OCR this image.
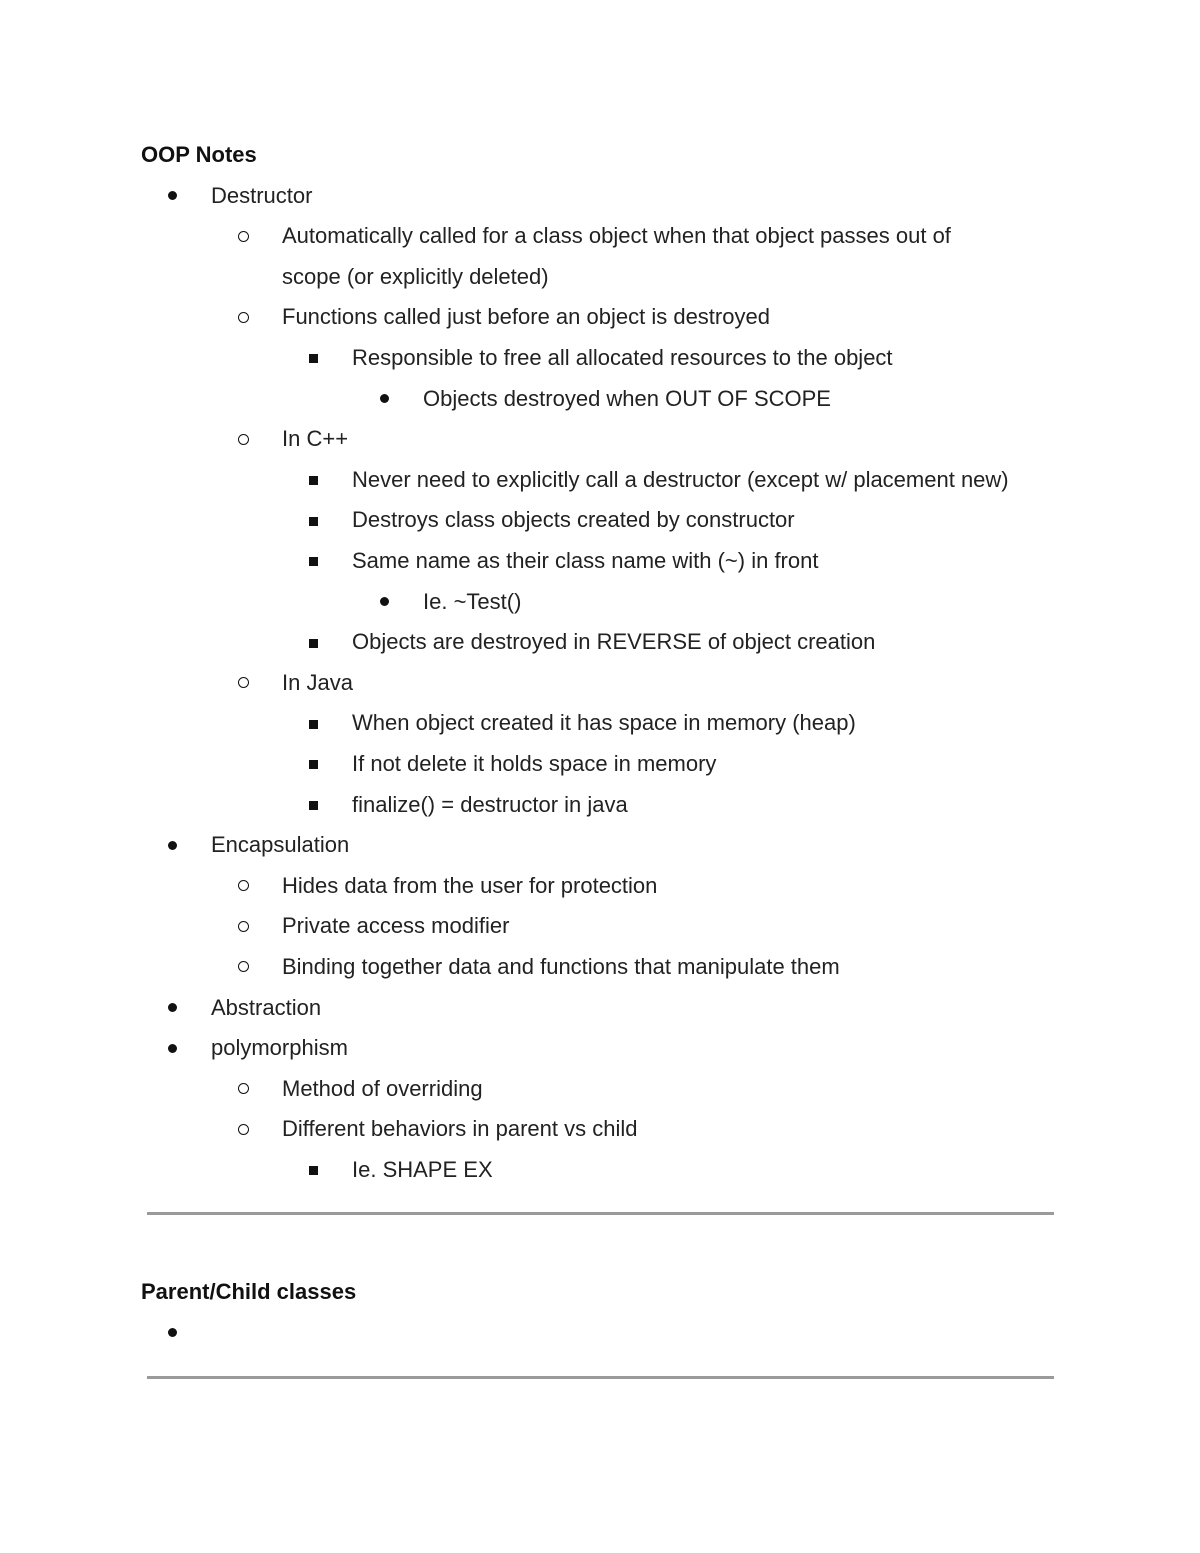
OOP Notes
Destructor
Automatically called for a class object when that object passes out of
scope (or explicitly deleted)
Functions called just before an object is destroyed
Responsible to free all allocated resources to the object
Objects destroyed when OUT OF SCOPE
In C++
Never need to explicitly call a destructor (except w/ placement new)
Destroys class objects created by constructor
Same name as their class name with (~) in front
Ie. ~Test()
Objects are destroyed in REVERSE of object creation
In Java
When object created it has space in memory (heap)
If not delete it holds space in memory
finalize() = destructor in java
Encapsulation
Hides data from the user for protection
Private access modifier
Binding together data and functions that manipulate them
Abstraction
polymorphism
Method of overriding
Different behaviors in parent vs child
Ie. SHAPE EX
Parent/Child classes
